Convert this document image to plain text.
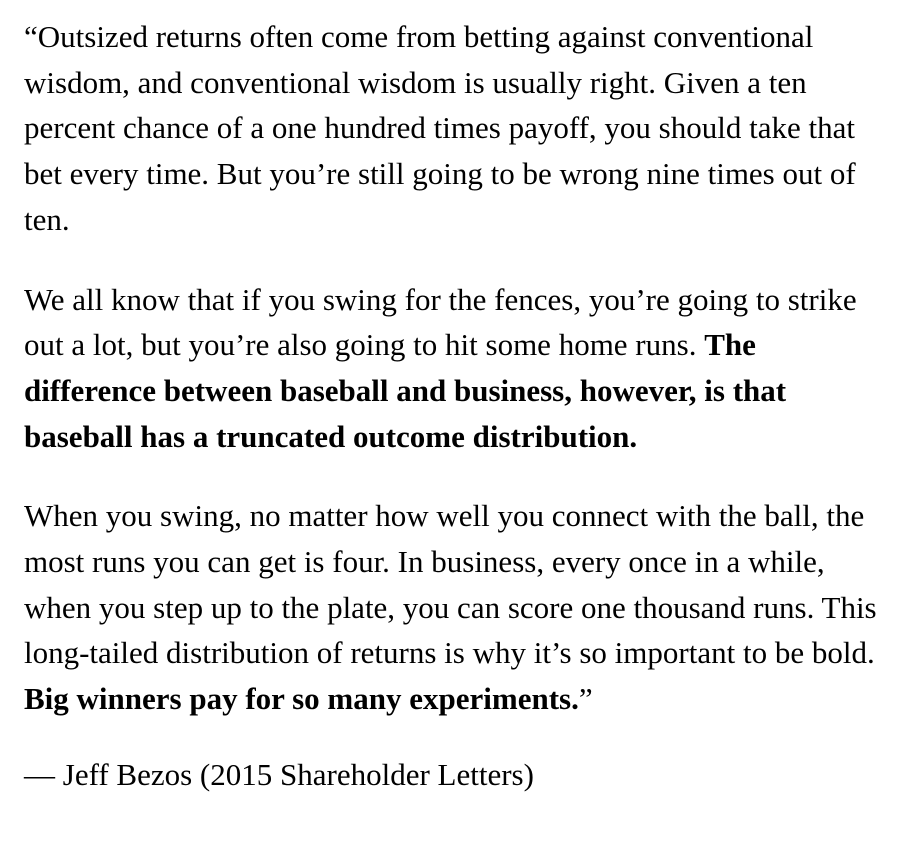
“Outsized returns often come from betting against conventional wisdom, and conventional wisdom is usually right. Given a ten percent chance of a one hundred times payoff, you should take that bet every time. But you’re still going to be wrong nine times out of ten.

We all know that if you swing for the fences, you’re going to strike out a lot, but you’re also going to hit some home runs. The difference between baseball and business, however, is that baseball has a truncated outcome distribution.

When you swing, no matter how well you connect with the ball, the most runs you can get is four. In business, every once in a while, when you step up to the plate, you can score one thousand runs. This long-tailed distribution of returns is why it’s so important to be bold. Big winners pay for so many experiments.”

— Jeff Bezos (2015 Shareholder Letters)
